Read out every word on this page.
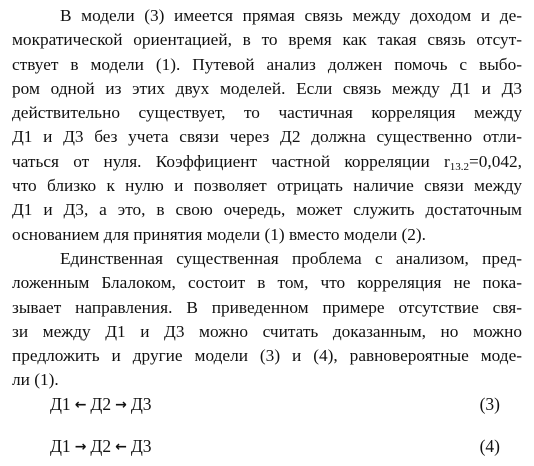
В модели (3) имеется прямая связь между доходом и де-
мократической ориентацией, в то время как такая связь отсут-
ствует в модели (1). Путевой анализ должен помочь с выбо-
ром одной из этих двух моделей. Если связь между Д1 и Д3
действительно существует, то частичная корреляция между
Д1 и Д3 без учета связи через Д2 должна существенно отли-
чаться от нуля. Коэффициент частной корреляции $r_{13.2}=0,042$,
что близко к нулю и позволяет отрицать наличие связи между
Д1 и Д3, а это, в свою очередь, может служить достаточным
основанием для принятия модели (1) вместо модели (2).
Единственная существенная проблема с анализом, пред-
ложенным Блалоком, состоит в том, что корреляция не пока-
зывает направления. В приведенном примере отсутствие свя-
зи между Д1 и Д3 можно считать доказанным, но можно
предложить и другие модели (3) и (4), равновероятные моде-
ли (1).
Д1 ← Д2 → Д3	(3)
Д1 → Д2 ← Д3	(4)
